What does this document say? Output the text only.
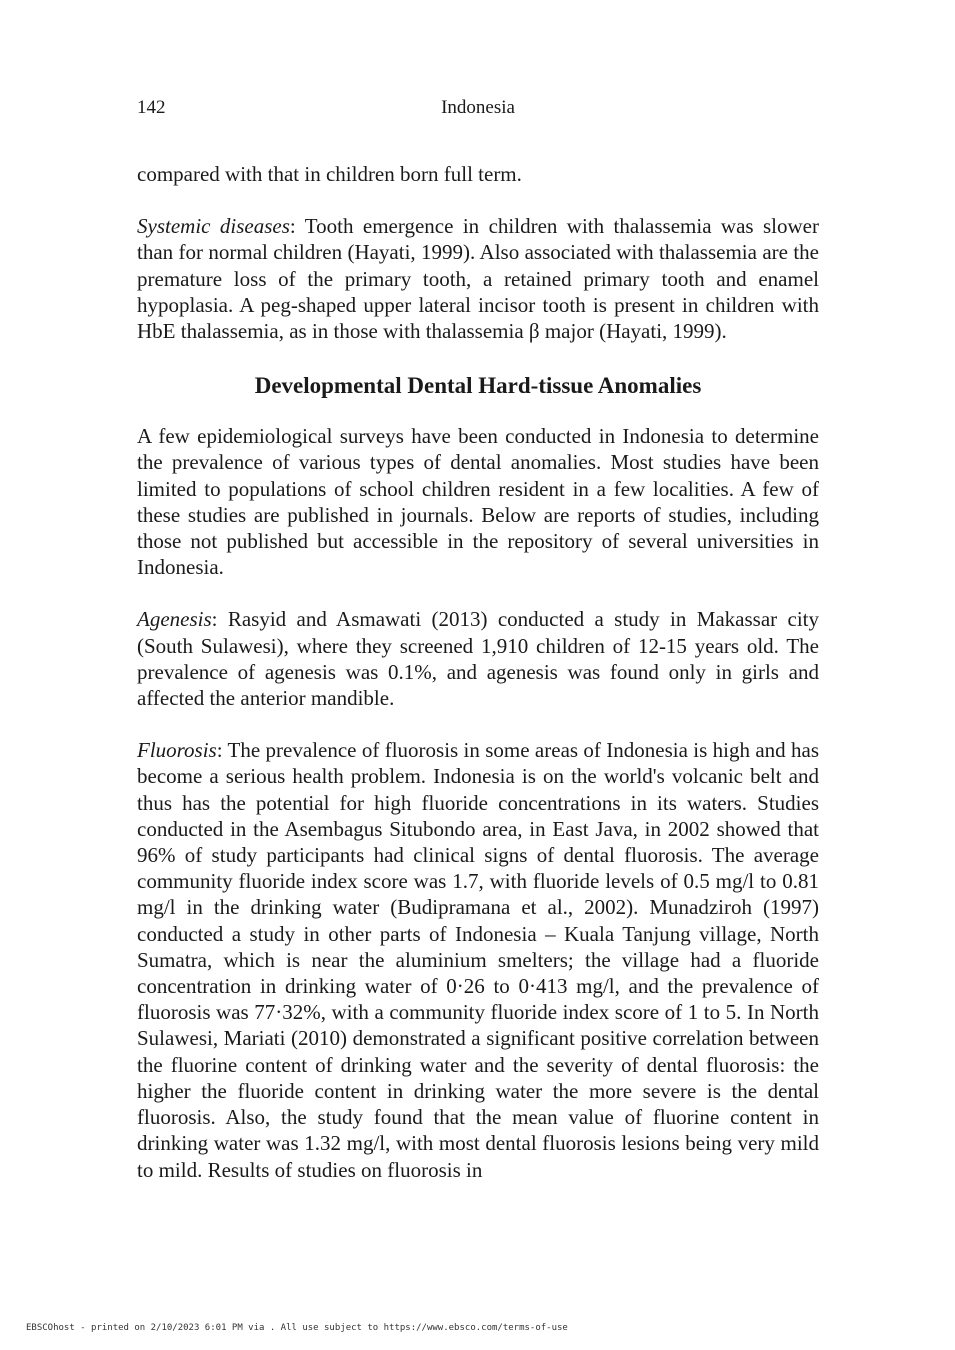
142	Indonesia

compared with that in children born full term.

Systemic diseases: Tooth emergence in children with thalassemia was slower than for normal children (Hayati, 1999). Also associated with thalassemia are the premature loss of the primary tooth, a retained primary tooth and enamel hypoplasia. A peg-shaped upper lateral incisor tooth is present in children with HbE thalassemia, as in those with thalassemia β major (Hayati, 1999).

Developmental Dental Hard-tissue Anomalies

A few epidemiological surveys have been conducted in Indonesia to determine the prevalence of various types of dental anomalies. Most studies have been limited to populations of school children resident in a few localities. A few of these studies are published in journals. Below are reports of studies, including those not published but accessible in the repository of several universities in Indonesia.

Agenesis: Rasyid and Asmawati (2013) conducted a study in Makassar city (South Sulawesi), where they screened 1,910 children of 12-15 years old. The prevalence of agenesis was 0.1%, and agenesis was found only in girls and affected the anterior mandible.

Fluorosis: The prevalence of fluorosis in some areas of Indonesia is high and has become a serious health problem. Indonesia is on the world's volcanic belt and thus has the potential for high fluoride concentrations in its waters. Studies conducted in the Asembagus Situbondo area, in East Java, in 2002 showed that 96% of study participants had clinical signs of dental fluorosis. The average community fluoride index score was 1.7, with fluoride levels of 0.5 mg/l to 0.81 mg/l in the drinking water (Budipramana et al., 2002). Munadziroh (1997) conducted a study in other parts of Indonesia – Kuala Tanjung village, North Sumatra, which is near the aluminium smelters; the village had a fluoride concentration in drinking water of 0·26 to 0·413 mg/l, and the prevalence of fluorosis was 77·32%, with a community fluoride index score of 1 to 5. In North Sulawesi, Mariati (2010) demonstrated a significant positive correlation between the fluorine content of drinking water and the severity of dental fluorosis: the higher the fluoride content in drinking water the more severe is the dental fluorosis. Also, the study found that the mean value of fluorine content in drinking water was 1.32 mg/l, with most dental fluorosis lesions being very mild to mild. Results of studies on fluorosis in

EBSCOhost - printed on 2/10/2023 6:01 PM via . All use subject to https://www.ebsco.com/terms-of-use
